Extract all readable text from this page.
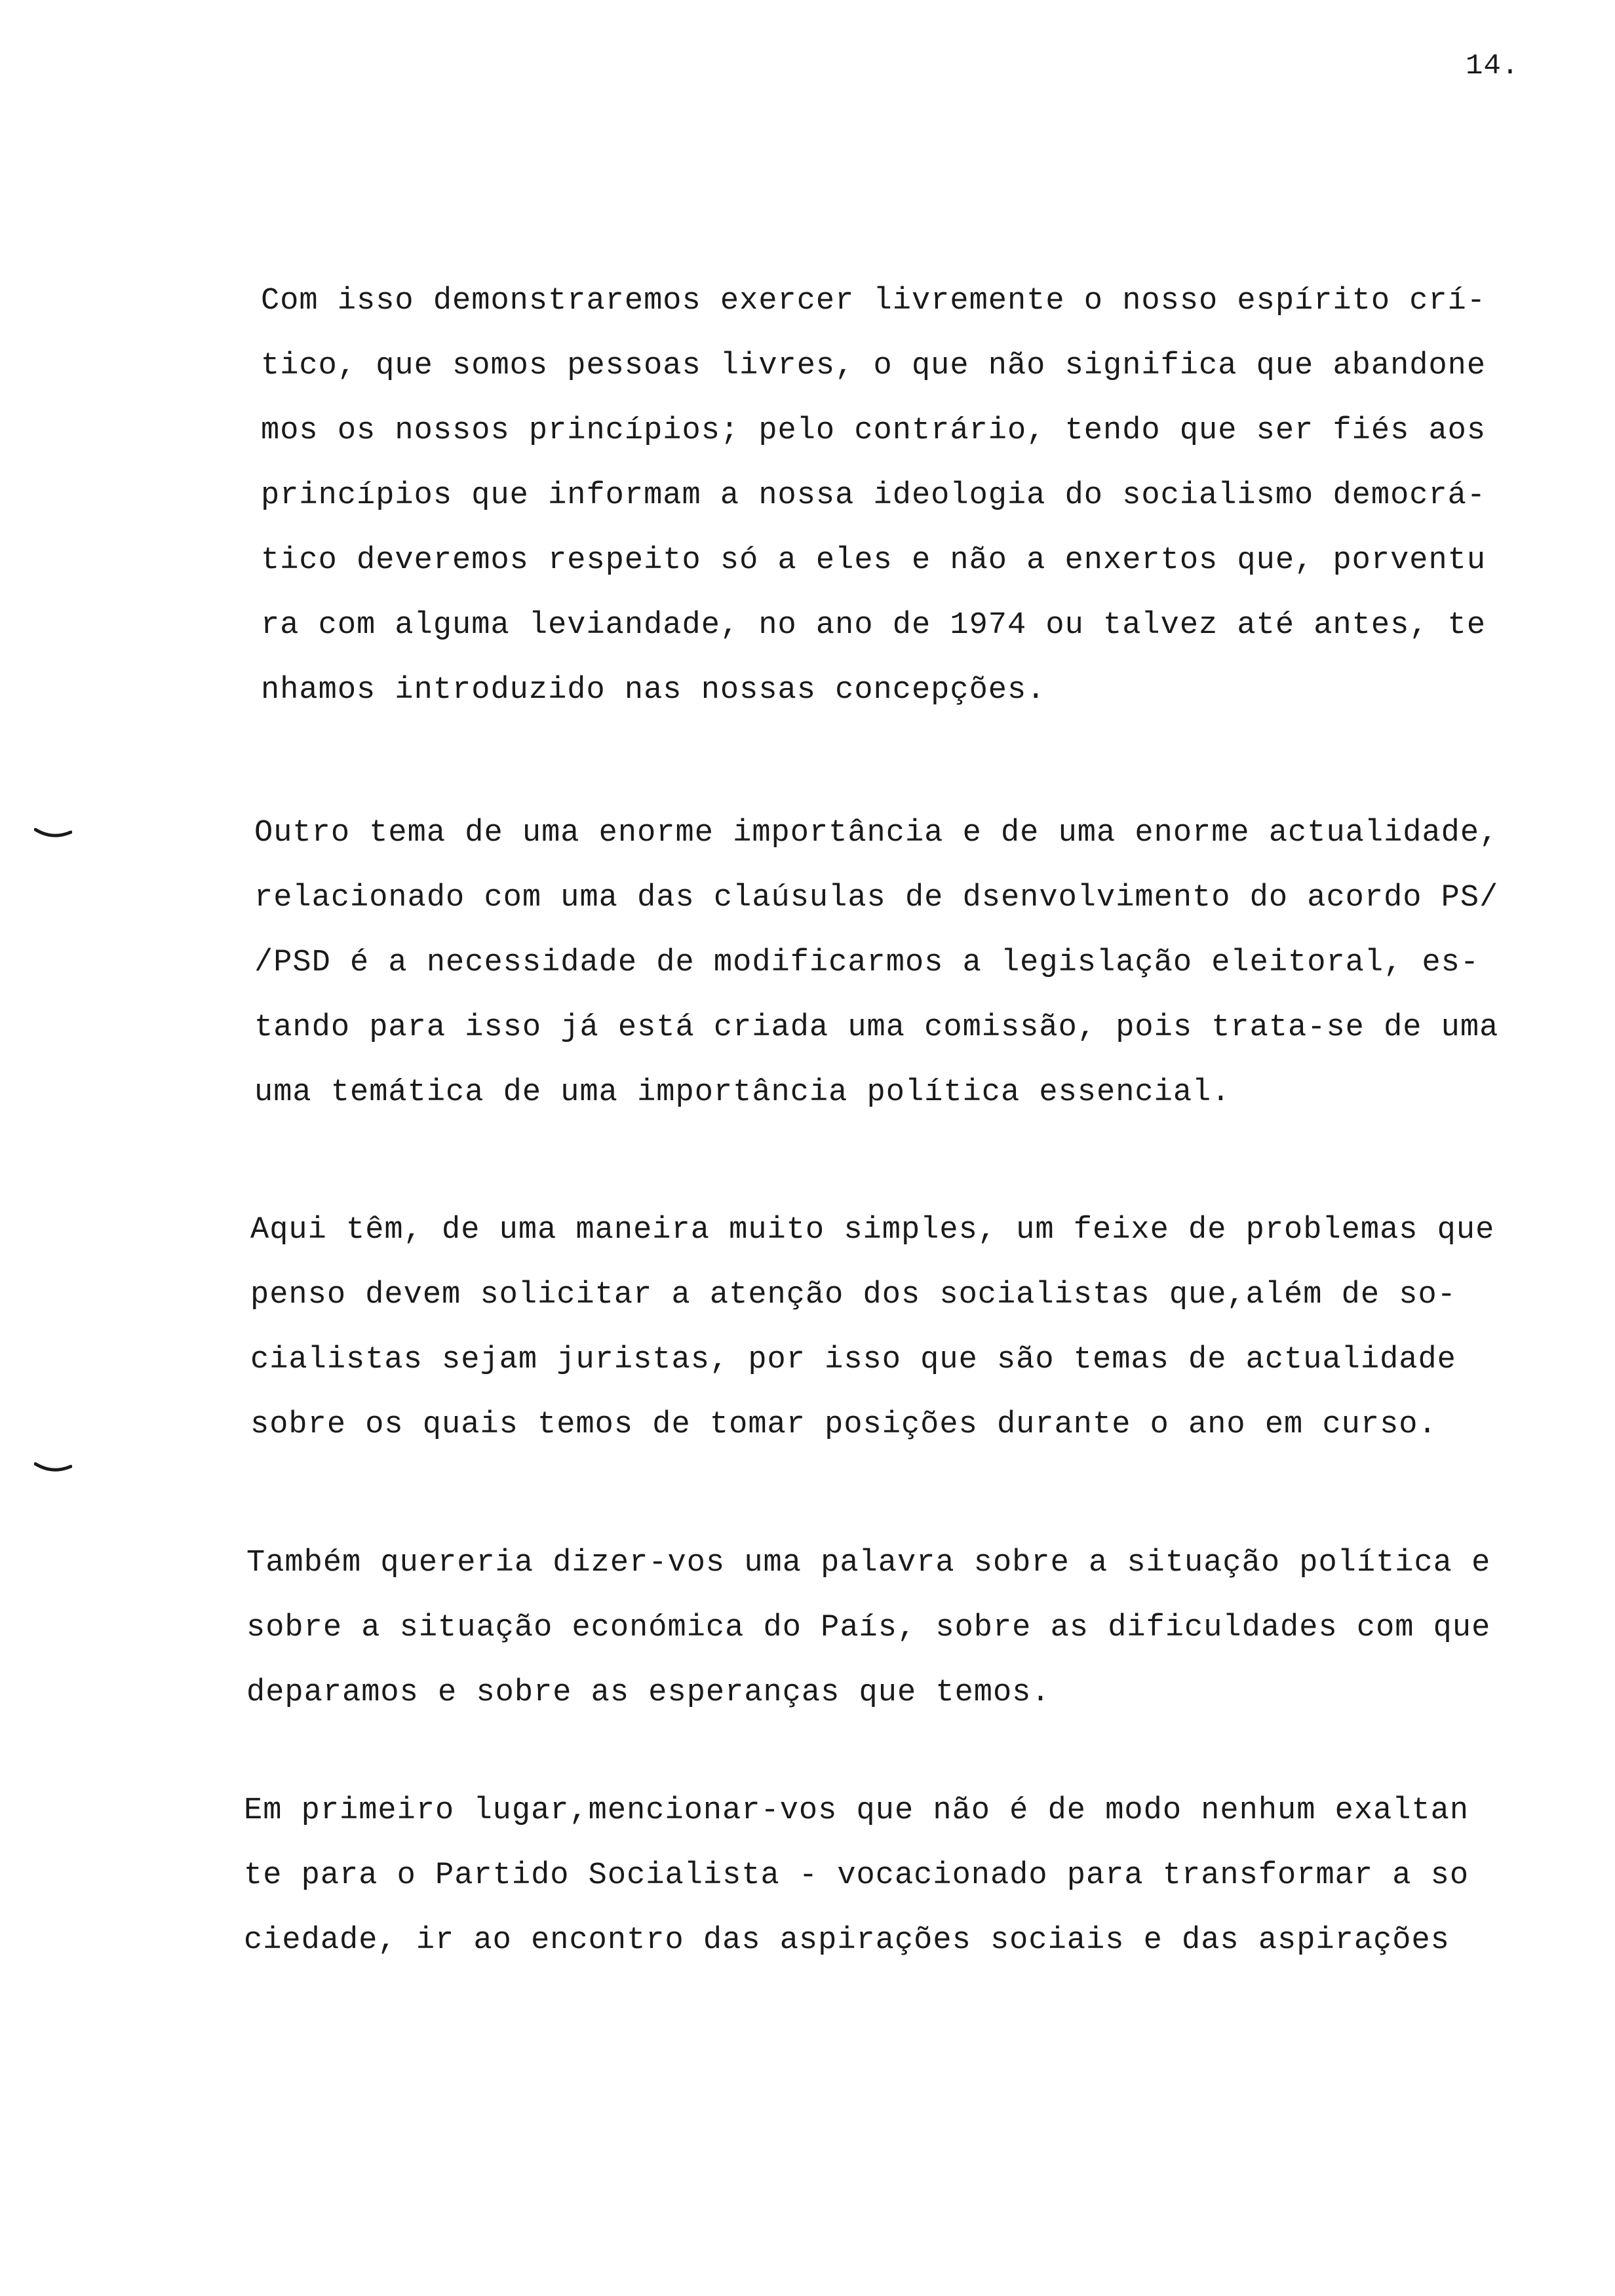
14.
Com isso demonstraremos exercer livremente o nosso espírito crí-
tico, que somos pessoas livres, o que não significa que abandone
mos os nossos princípios; pelo contrário, tendo que ser fiés aos
princípios que informam a nossa ideologia do socialismo democrá-
tico deveremos respeito só a eles e não a enxertos que, porventu
ra com alguma leviandade, no ano de 1974 ou talvez até antes, te
nhamos introduzido nas nossas concepções.
Outro tema de uma enorme importância e de uma enorme actualidade,
relacionado com uma das claúsulas de dsenvolvimento do acordo PS/
/PSD é a necessidade de modificarmos a legislação eleitoral, es-
tando para isso já está criada uma comissão, pois trata-se de uma
uma temática de uma importância política essencial.
Aqui têm, de uma maneira muito simples, um feixe de problemas que
penso devem solicitar a atenção dos socialistas que,além de so-
cialistas sejam juristas, por isso que são temas de actualidade
sobre os quais temos de tomar posições durante o ano em curso.
Também quereria dizer-vos uma palavra sobre a situação política e
sobre a situação económica do País, sobre as dificuldades com que
deparamos e sobre as esperanças que temos.
Em primeiro lugar,mencionar-vos que não é de modo nenhum exaltan
te para o Partido Socialista - vocacionado para transformar a so
ciedade, ir ao encontro das aspirações sociais e das aspirações
